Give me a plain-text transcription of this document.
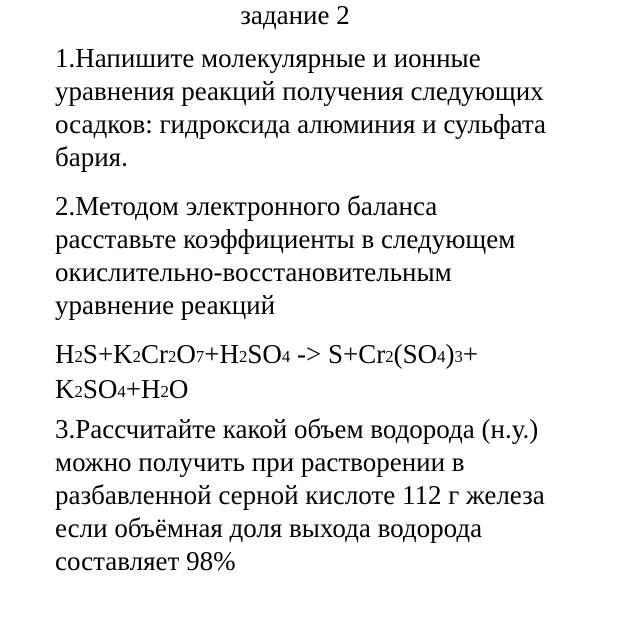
задание 2
1.Напишите молекулярные и ионные
уравнения реакций получения следующих
осадков: гидроксида алюминия и сульфата
бария.
2.Методом электронного баланса
расставьте коэффициенты в следующем
окислительно-восстановительным
уравнение реакций
H2S+K2Cr2O7+H2SO4 -> S+Cr2(SO4)3+
K2SO4+H2O
3.Рассчитайте какой объем водорода (н.у.)
можно получить при растворении в
разбавленной серной кислоте 112 г железа
если объёмная доля выхода водорода
составляет 98%
